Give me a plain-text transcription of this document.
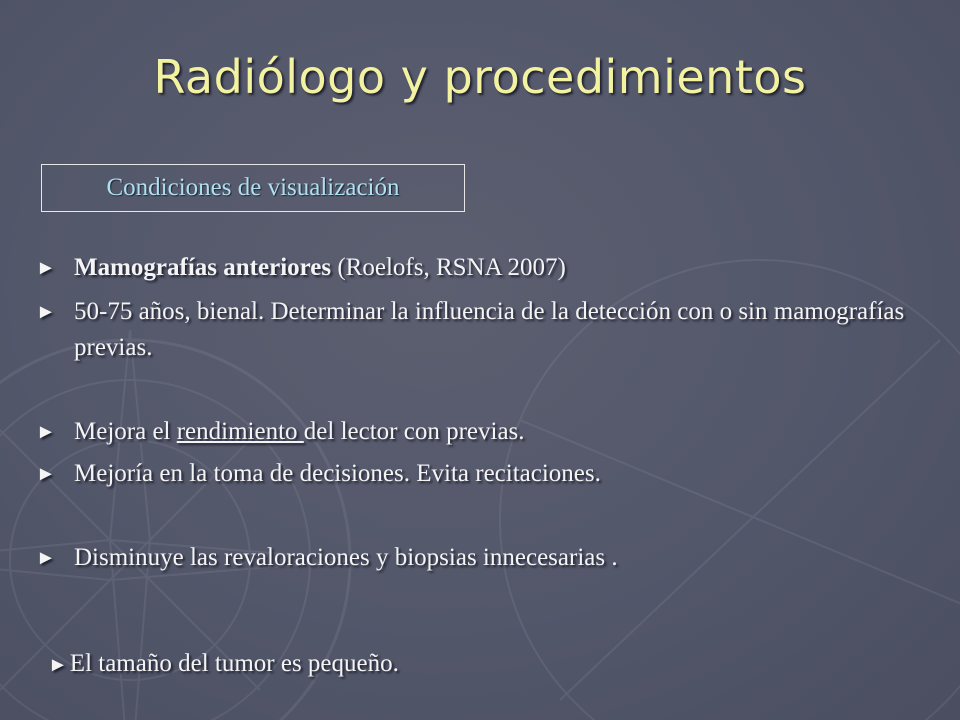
Radiólogo y procedimientos
Condiciones de visualización
► Mamografías anteriores (Roelofs, RSNA 2007)
► 50-75 años, bienal. Determinar la influencia de la detección con o sin mamografías previas.
► Mejora el rendimiento del lector con previas.
► Mejoría en la toma de decisiones. Evita recitaciones.
► Disminuye las revaloraciones y biopsias innecesarias .
►El tamaño del tumor es pequeño.
